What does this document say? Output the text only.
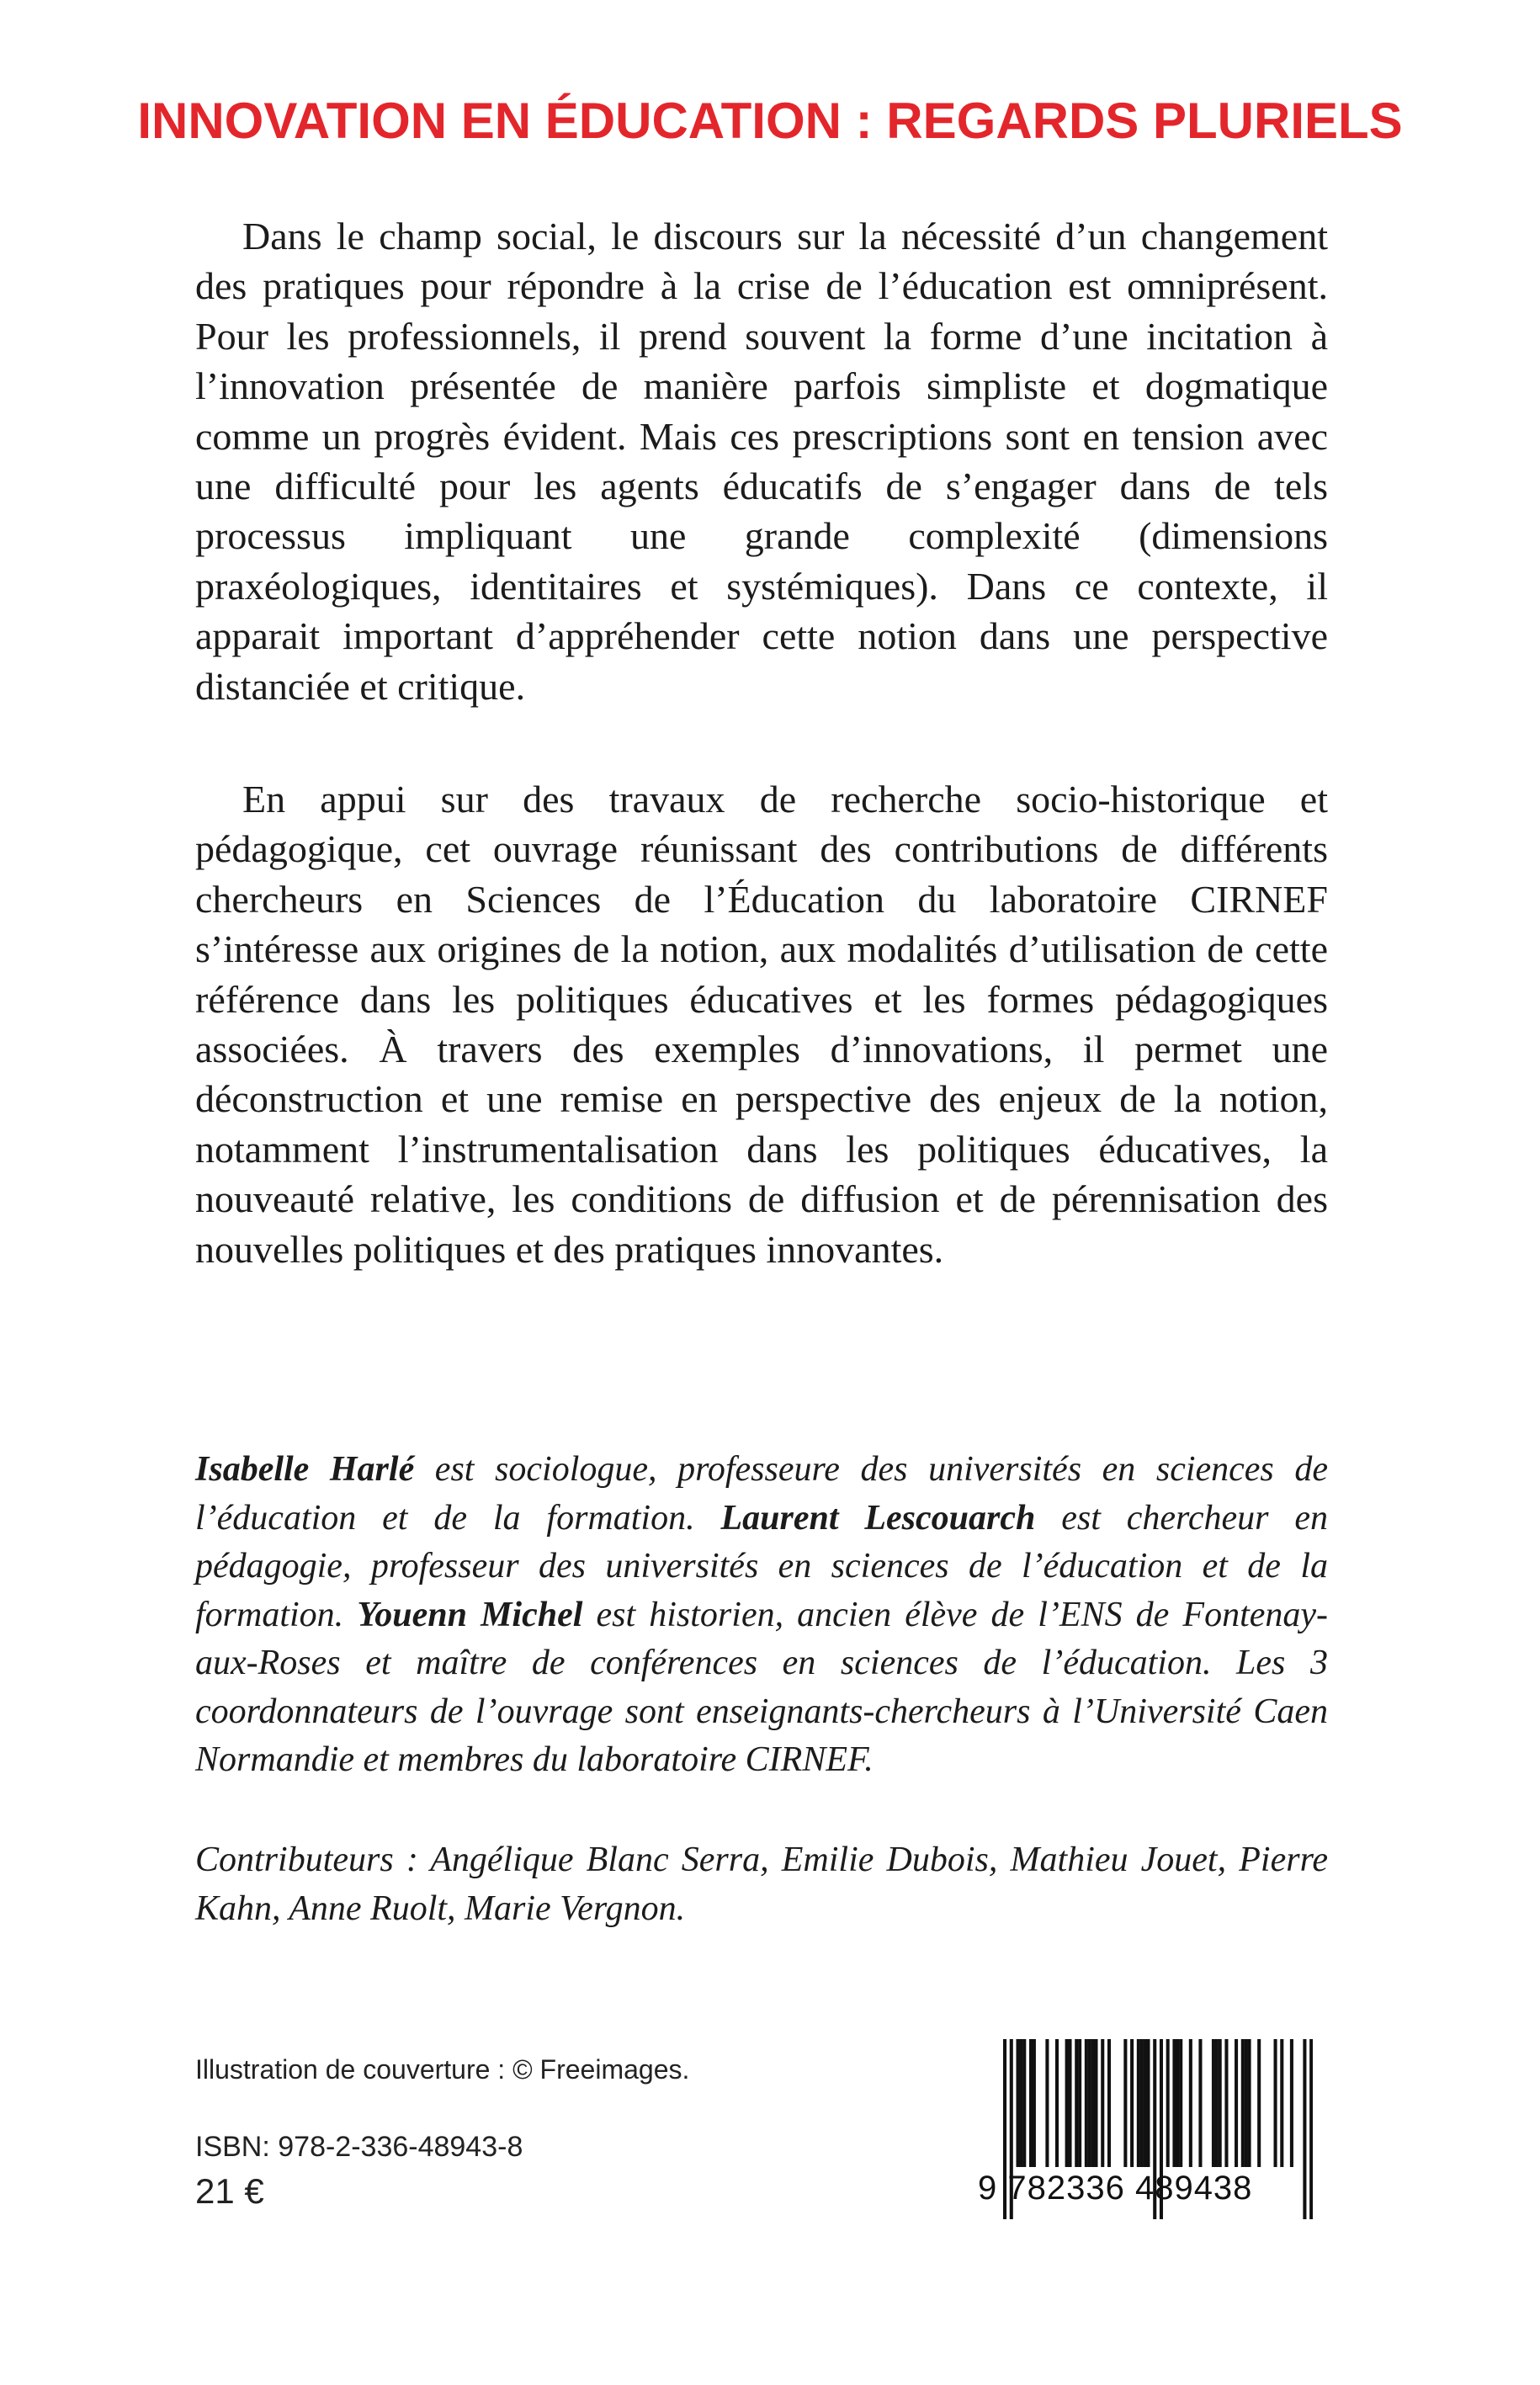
INNOVATION EN ÉDUCATION : REGARDS PLURIELS

Dans le champ social, le discours sur la nécessité d’un changement des pratiques pour répondre à la crise de l’éducation est omniprésent. Pour les professionnels, il prend souvent la forme d’une incitation à l’innovation présentée de manière parfois simpliste et dogmatique comme un progrès évident. Mais ces prescriptions sont en tension avec une difficulté pour les agents éducatifs de s’engager dans de tels processus impliquant une grande complexité (dimensions praxéologiques, identitaires et systémiques). Dans ce contexte, il apparait important d’appréhender cette notion dans une perspective distanciée et critique.

En appui sur des travaux de recherche socio-historique et pédagogique, cet ouvrage réunissant des contributions de différents chercheurs en Sciences de l’Éducation du laboratoire CIRNEF s’intéresse aux origines de la notion, aux modalités d’utilisation de cette référence dans les politiques éducatives et les formes pédagogiques associées. À travers des exemples d’innovations, il permet une déconstruction et une remise en perspective des enjeux de la notion, notamment l’instrumentalisation dans les politiques éducatives, la nouveauté relative, les conditions de diffusion et de pérennisation des nouvelles politiques et des pratiques innovantes.

Isabelle Harlé est sociologue, professeure des universités en sciences de l’éducation et de la formation. Laurent Lescouarch est chercheur en pédagogie, professeur des universités en sciences de l’éducation et de la formation. Youenn Michel est historien, ancien élève de l’ENS de Fontenay-aux-Roses et maître de conférences en sciences de l’éducation. Les 3 coordonnateurs de l’ouvrage sont enseignants-chercheurs à l’Université Caen Normandie et membres du laboratoire CIRNEF.

Contributeurs : Angélique Blanc Serra, Emilie Dubois, Mathieu Jouet, Pierre Kahn, Anne Ruolt, Marie Vergnon.

Illustration de couverture : © Freeimages.

ISBN: 978-2-336-48943-8

21 €	9 782336 489438
